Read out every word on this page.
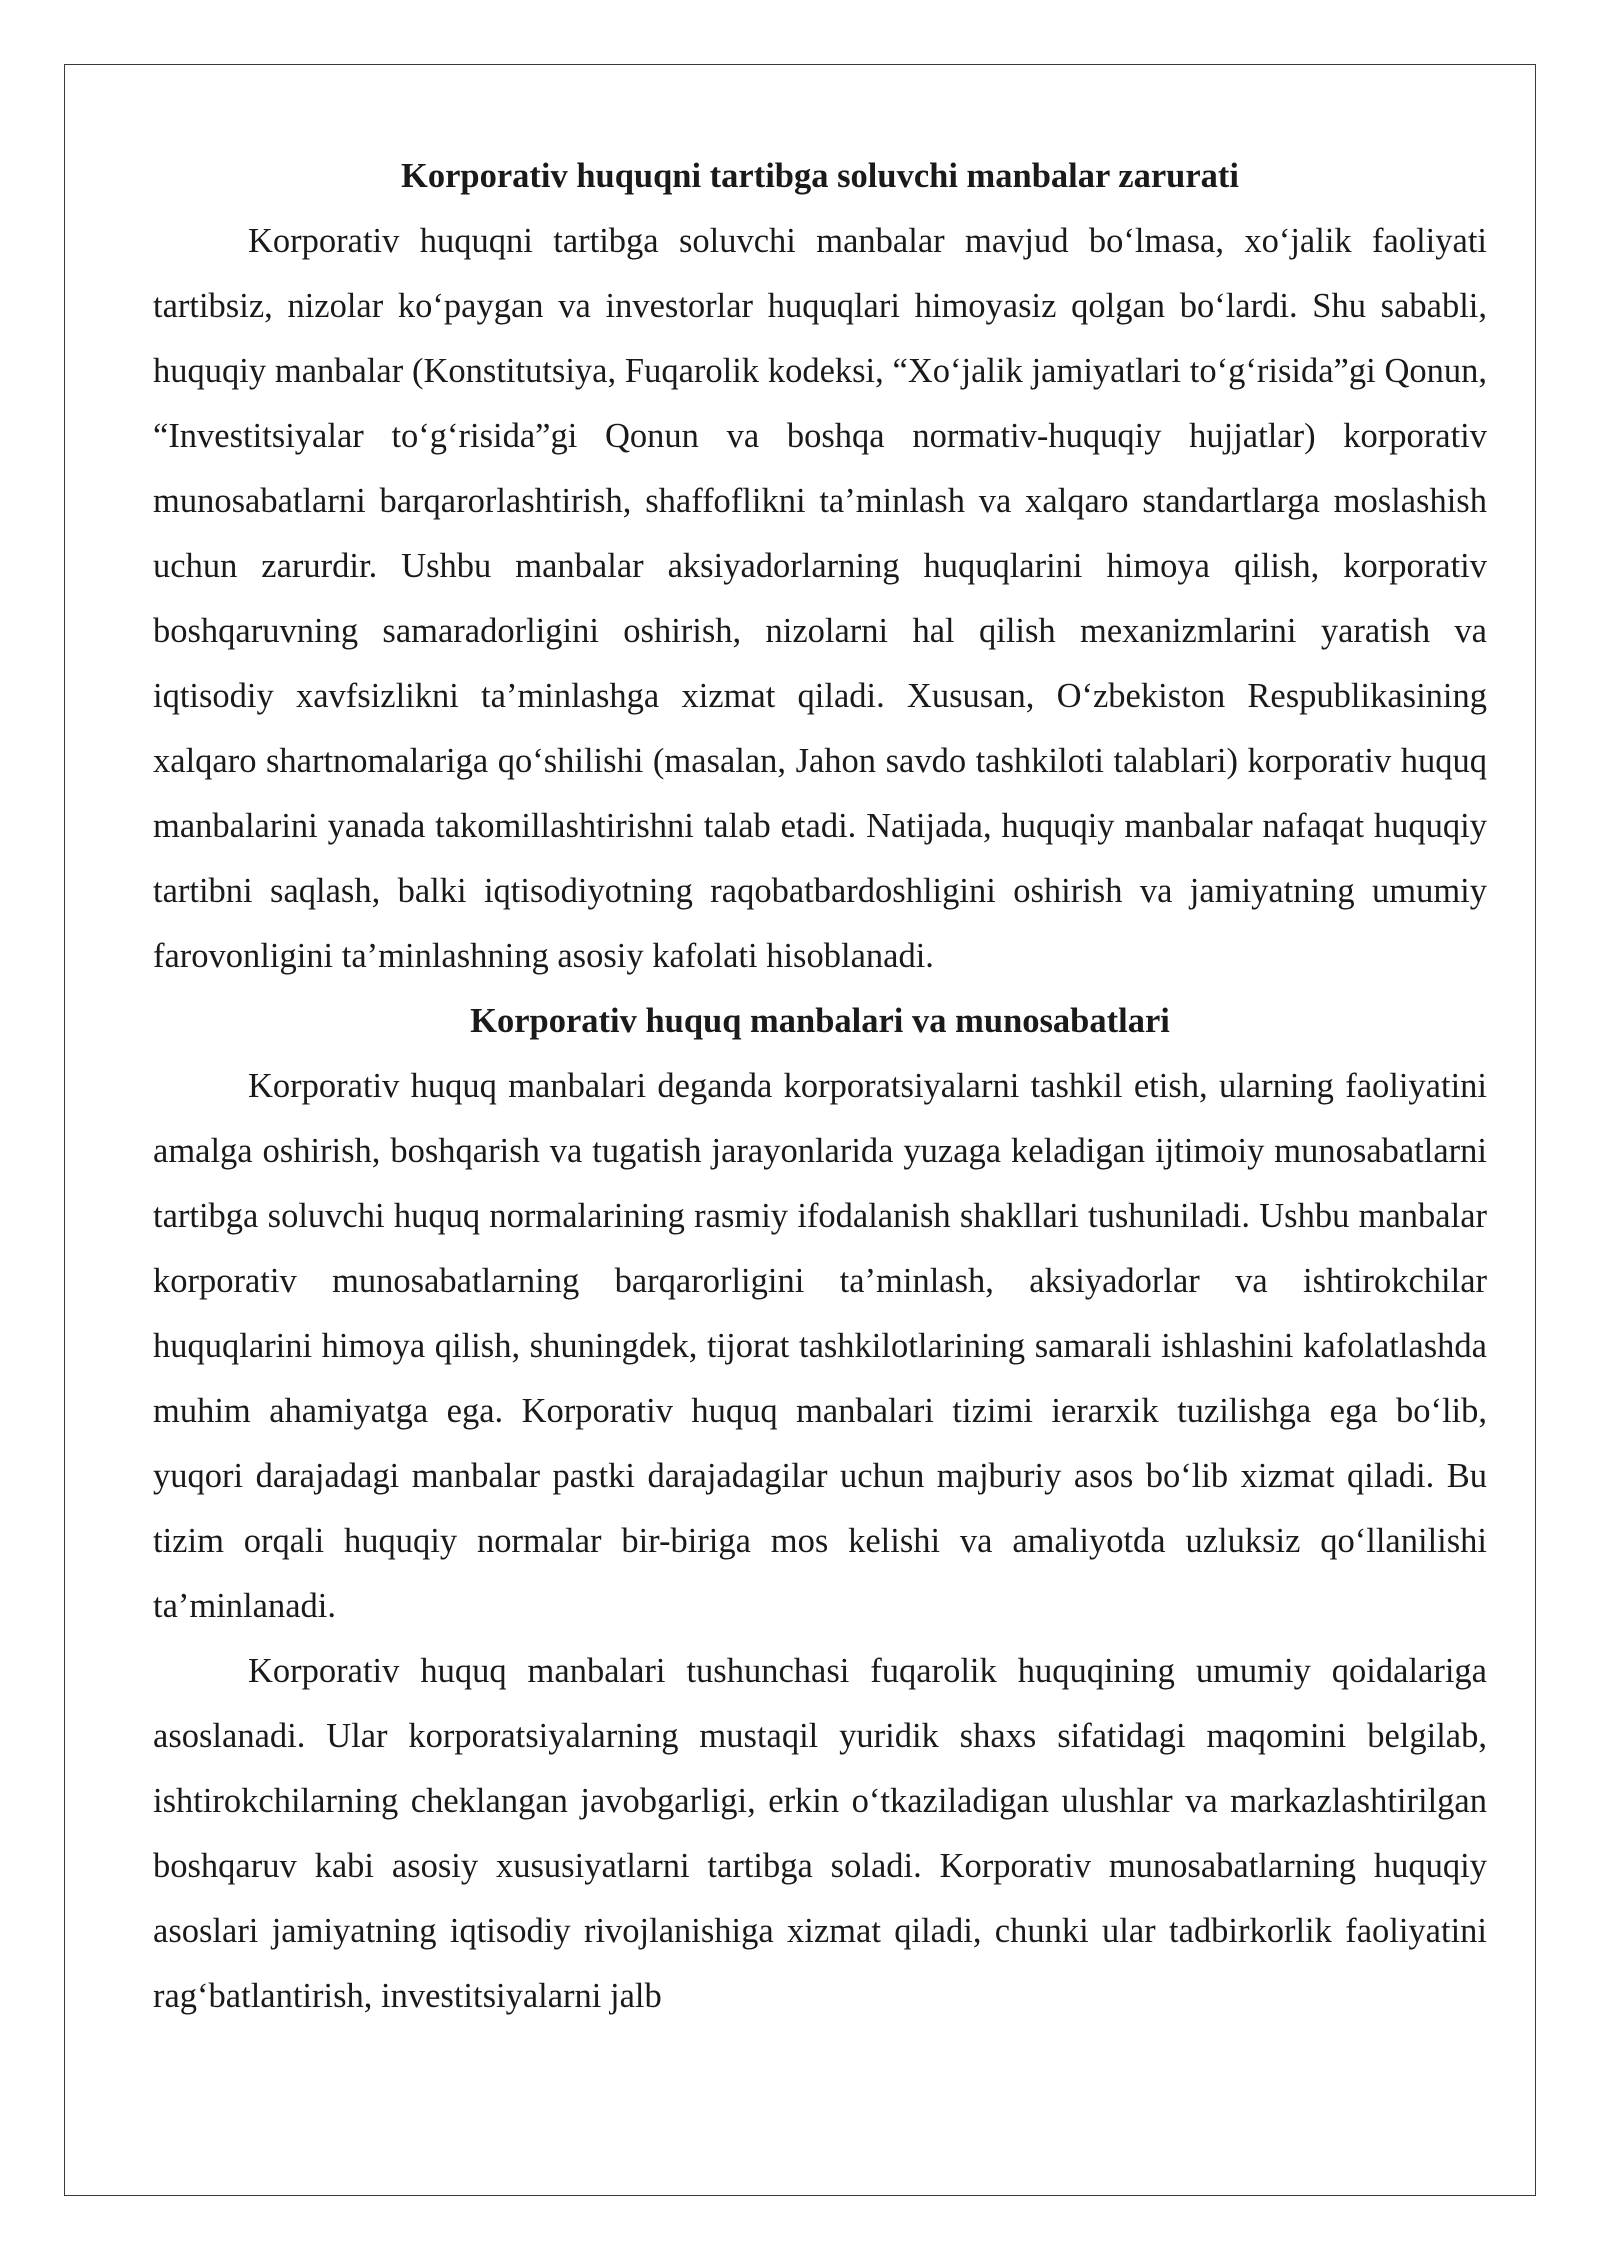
Korporativ huquqni tartibga soluvchi manbalar zarurati

Korporativ huquqni tartibga soluvchi manbalar mavjud bo‘lmasa, xo‘jalik faoliyati tartibsiz, nizolar ko‘paygan va investorlar huquqlari himoyasiz qolgan bo‘lardi. Shu sababli, huquqiy manbalar (Konstitutsiya, Fuqarolik kodeksi, “Xo‘jalik jamiyatlari to‘g‘risida”gi Qonun, “Investitsiyalar to‘g‘risida”gi Qonun va boshqa normativ-huquqiy hujjatlar) korporativ munosabatlarni barqarorlashtirish, shaffoflikni ta’minlash va xalqaro standartlarga moslashish uchun zarurdir. Ushbu manbalar aksiyadorlarning huquqlarini himoya qilish, korporativ boshqaruvning samaradorligini oshirish, nizolarni hal qilish mexanizmlarini yaratish va iqtisodiy xavfsizlikni ta’minlashga xizmat qiladi. Xususan, O‘zbekiston Respublikasining xalqaro shartnomalariga qo‘shilishi (masalan, Jahon savdo tashkiloti talablari) korporativ huquq manbalarini yanada takomillashtirishni talab etadi. Natijada, huquqiy manbalar nafaqat huquqiy tartibni saqlash, balki iqtisodiyotning raqobatbardoshligini oshirish va jamiyatning umumiy farovonligini ta’minlashning asosiy kafolati hisoblanadi.

Korporativ huquq manbalari va munosabatlari

Korporativ huquq manbalari deganda korporatsiyalarni tashkil etish, ularning faoliyatini amalga oshirish, boshqarish va tugatish jarayonlarida yuzaga keladigan ijtimoiy munosabatlarni tartibga soluvchi huquq normalarining rasmiy ifodalanish shakllari tushuniladi. Ushbu manbalar korporativ munosabatlarning barqarorligini ta’minlash, aksiyadorlar va ishtirokchilar huquqlarini himoya qilish, shuningdek, tijorat tashkilotlarining samarali ishlashini kafolatlashda muhim ahamiyatga ega. Korporativ huquq manbalari tizimi ierarxik tuzilishga ega bo‘lib, yuqori darajadagi manbalar pastki darajadagilar uchun majburiy asos bo‘lib xizmat qiladi. Bu tizim orqali huquqiy normalar bir-biriga mos kelishi va amaliyotda uzluksiz qo‘llanilishi ta’minlanadi.

Korporativ huquq manbalari tushunchasi fuqarolik huquqining umumiy qoidalariga asoslanadi. Ular korporatsiyalarning mustaqil yuridik shaxs sifatidagi maqomini belgilab, ishtirokchilarning cheklangan javobgarligi, erkin o‘tkaziladigan ulushlar va markazlashtirilgan boshqaruv kabi asosiy xususiyatlarni tartibga soladi. Korporativ munosabatlarning huquqiy asoslari jamiyatning iqtisodiy rivojlanishiga xizmat qiladi, chunki ular tadbirkorlik faoliyatini rag‘batlantirish, investitsiyalarni jalb
